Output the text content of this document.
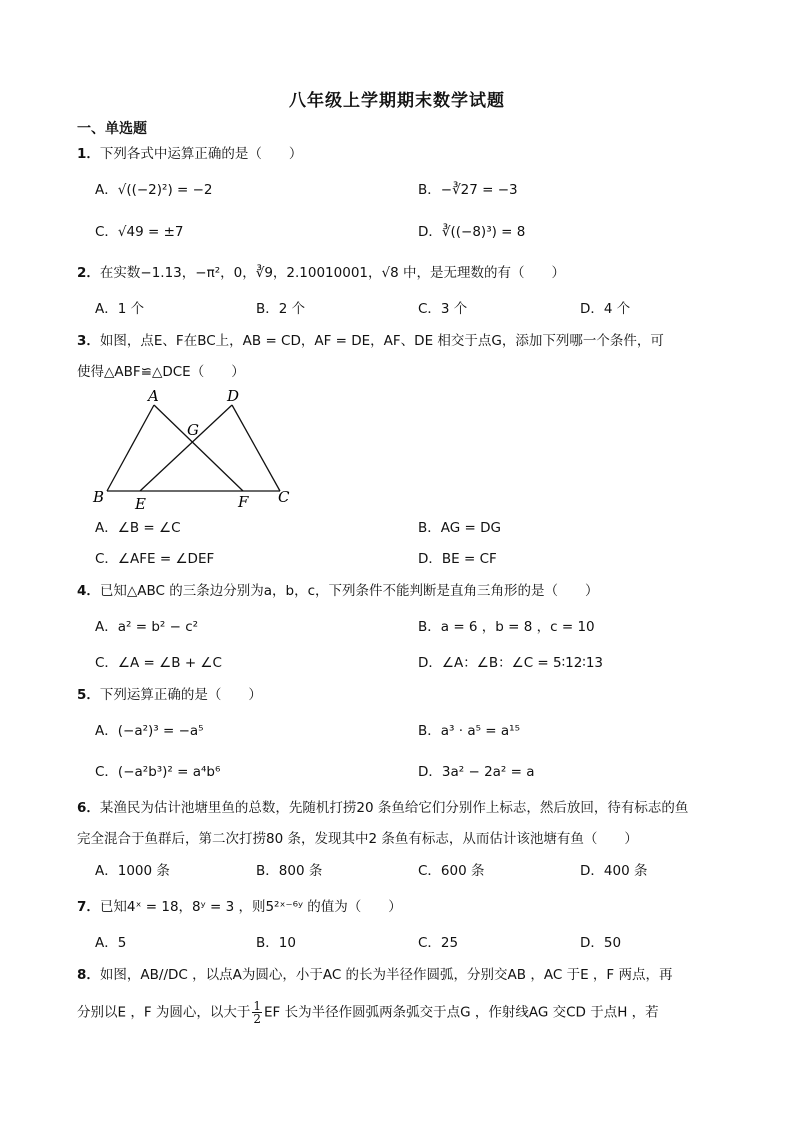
八年级上学期期末数学试题
一、单选题
1．下列各式中运算正确的是（　　）
A．√((−2)²) = −2	B．−∛27 = −3
C．√49 = ±7	D．∛((−8)³) = 8
2．在实数−1.13，−π²，0，∛9，2.10010001，√8 中，是无理数的有（　　）
A．1 个	B．2 个	C．3 个	D．4 个
3．如图，点E、F在BC上，AB = CD，AF = DE，AF、DE 相交于点G，添加下列哪一个条件，可
使得△ABF≌△DCE（　　）
A	D
G
B E	F C
A．∠B = ∠C	B．AG = DG
C．∠AFE = ∠DEF	D．BE = CF
4．已知△ABC 的三条边分别为a，b，c，下列条件不能判断是直角三角形的是（　　）
A．a² = b² − c²	B．a = 6 ，b = 8 ，c = 10
C．∠A = ∠B + ∠C	D．∠A：∠B：∠C = 5∶12∶13
5．下列运算正确的是（　　）
A．(−a²)³ = −a⁵	B．a³ · a⁵ = a¹⁵
C．(−a²b³)² = a⁴b⁶	D．3a² − 2a² = a
6．某渔民为估计池塘里鱼的总数，先随机打捞20 条鱼给它们分别作上标志，然后放回，待有标志的鱼
完全混合于鱼群后，第二次打捞80 条，发现其中2 条鱼有标志，从而估计该池塘有鱼（　　）
A．1000 条	B．800 条	C．600 条	D．400 条
7．已知4ˣ = 18，8ʸ = 3 ，则5²ˣ⁻⁶ʸ 的值为（　　）
A．5	B．10	C．25	D．50
8．如图，AB//DC ，以点A为圆心，小于AC 的长为半径作圆弧，分别交AB ，AC 于E ，F 两点，再
分别以E ，F 为圆心，以大于 $\frac{1}{2}$ EF 长为半径作圆弧两条弧交于点G ，作射线AG 交CD 于点H ，若
